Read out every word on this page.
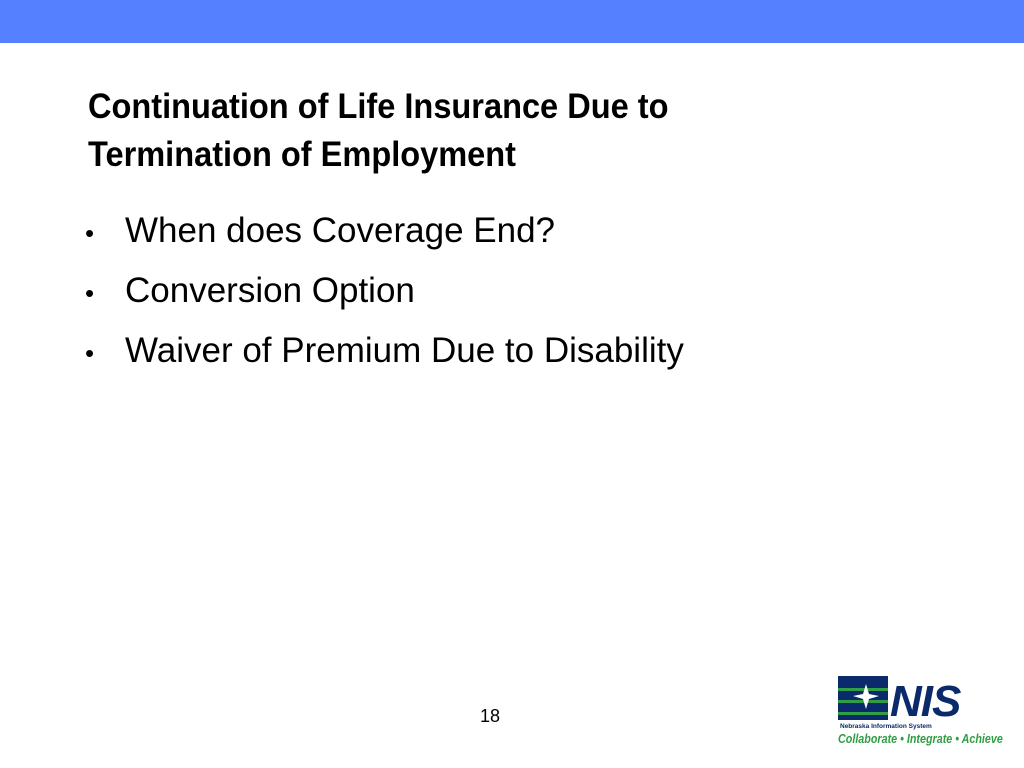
Continuation of Life Insurance Due to
Termination of Employment
• When does Coverage End?
• Conversion Option
• Waiver of Premium Due to Disability
18	NIS
Nebraska Information System
Collaborate • Integrate • Achieve
